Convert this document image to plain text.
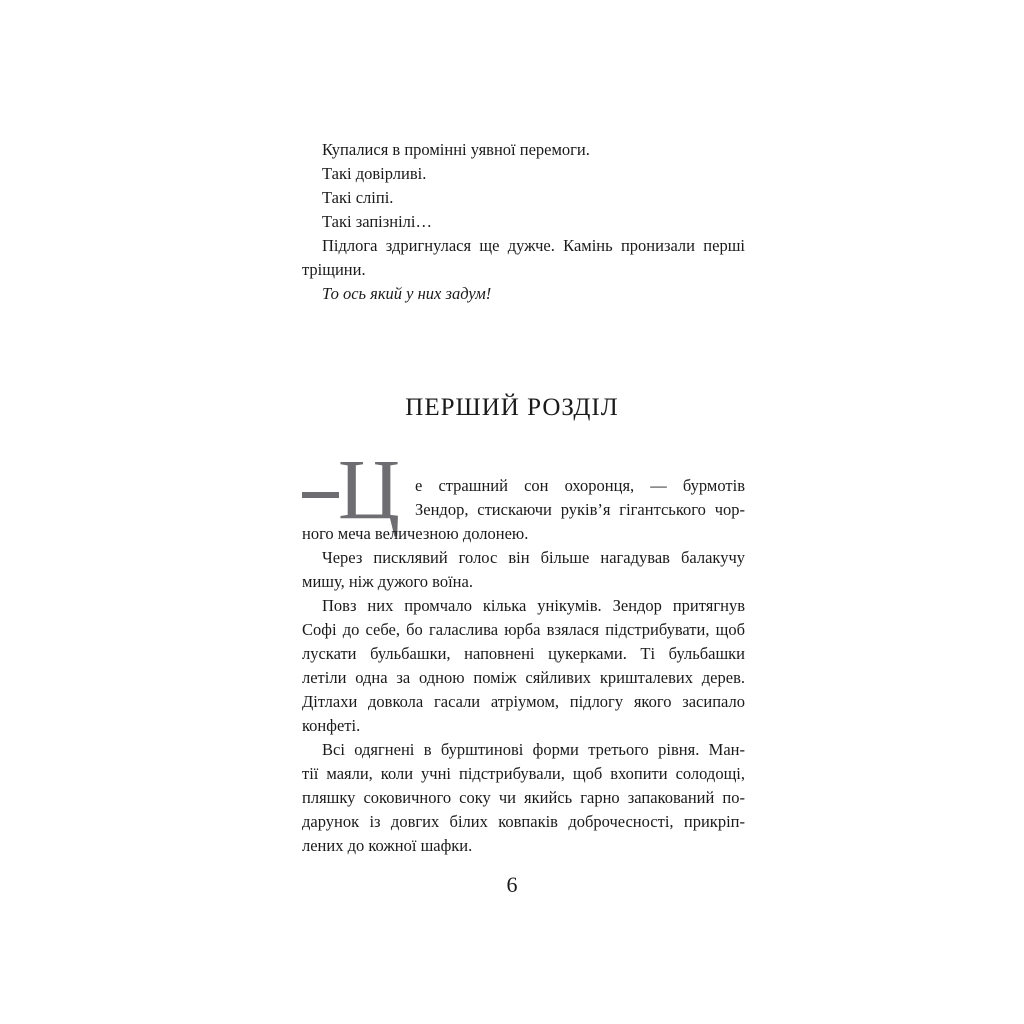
Купалися в промінні уявної перемоги.
Такі довірливі.
Такі сліпі.
Такі запізнілі…
Підлога здригнулася ще дужче. Камінь пронизали перші
тріщини.
То ось який у них задум!
ПЕРШИЙ РОЗДІЛ
Ц е страшний сон охоронця, — бурмотів
Зендор, стискаючи руків’я гігантського чор-
ного меча величезною долонею.
Через писклявий голос він більше нагадував балакучу
мишу, ніж дужого воїна.
Повз них промчало кілька унікумів. Зендор притягнув
Софі до себе, бо галаслива юрба взялася підстрибувати, щоб
лускати бульбашки, наповнені цукерками. Ті бульбашки
летіли одна за одною поміж сяйливих кришталевих дерев.
Дітлахи довкола гасали атріумом, підлогу якого засипало
конфеті.
Всі одягнені в бурштинові форми третього рівня. Ман-
тії маяли, коли учні підстрибували, щоб вхопити солодощі,
пляшку соковичного соку чи якийсь гарно запакований по-
дарунок із довгих білих ковпаків доброчесності, прикріп-
лених до кожної шафки.
6
